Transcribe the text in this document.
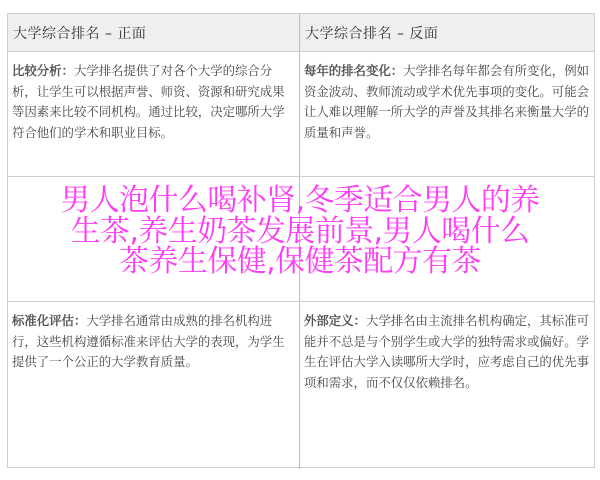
大学综合排名 – 正面	大学综合排名 – 反面
比较分析：大学排名提供了对各个大学的综合分析，让学生可以根据声誉、师资、资源和研究成果等因素来比较不同机构。通过比较，决定哪所大学符合他们的学术和职业目标。
每年的排名变化：大学排名每年都会有所变化，例如资金波动、教师流动或学术优先事项的变化。可能会让人难以理解一所大学的声誉及其排名来衡量大学的质量和声誉。
标准化评估：大学排名通常由成熟的排名机构进行，这些机构遵循标准来评估大学的表现，为学生提供了一个公正的大学教育质量。
外部定义：大学排名由主流排名机构确定，其标准可能并不总是与个别学生或大学的独特需求或偏好。学生在评估大学入读哪所大学时，应考虑自己的优先事项和需求，而不仅仅依赖排名。
男人泡什么喝补肾,冬季适合男人的养
生茶,养生奶茶发展前景,男人喝什么
茶养生保健,保健茶配方有茶
